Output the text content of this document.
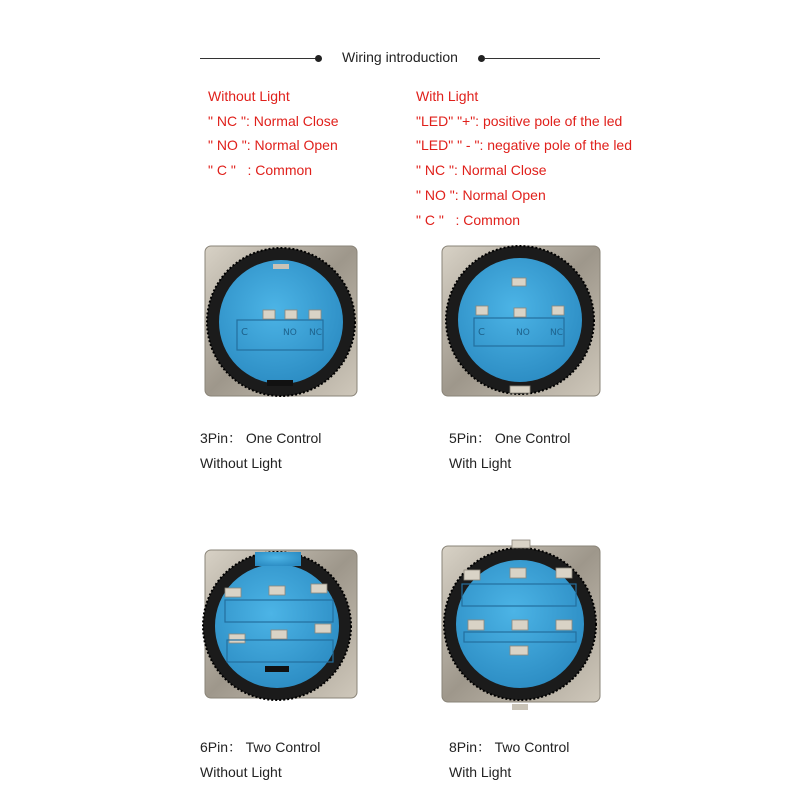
Wiring introduction
Without Light
" NC ": Normal Close
" NO ": Normal Open
" C "   : Common
With Light
"LED" "+": positive pole of the led
"LED" " - ": negative pole of the led
" NC ": Normal Close
" NO ": Normal Open
" C "   : Common
C	NO NC	C	NO NC
3Pin： One Control
Without Light
5Pin： One Control
With Light
6Pin： Two Control
Without Light
8Pin： Two Control
With Light
